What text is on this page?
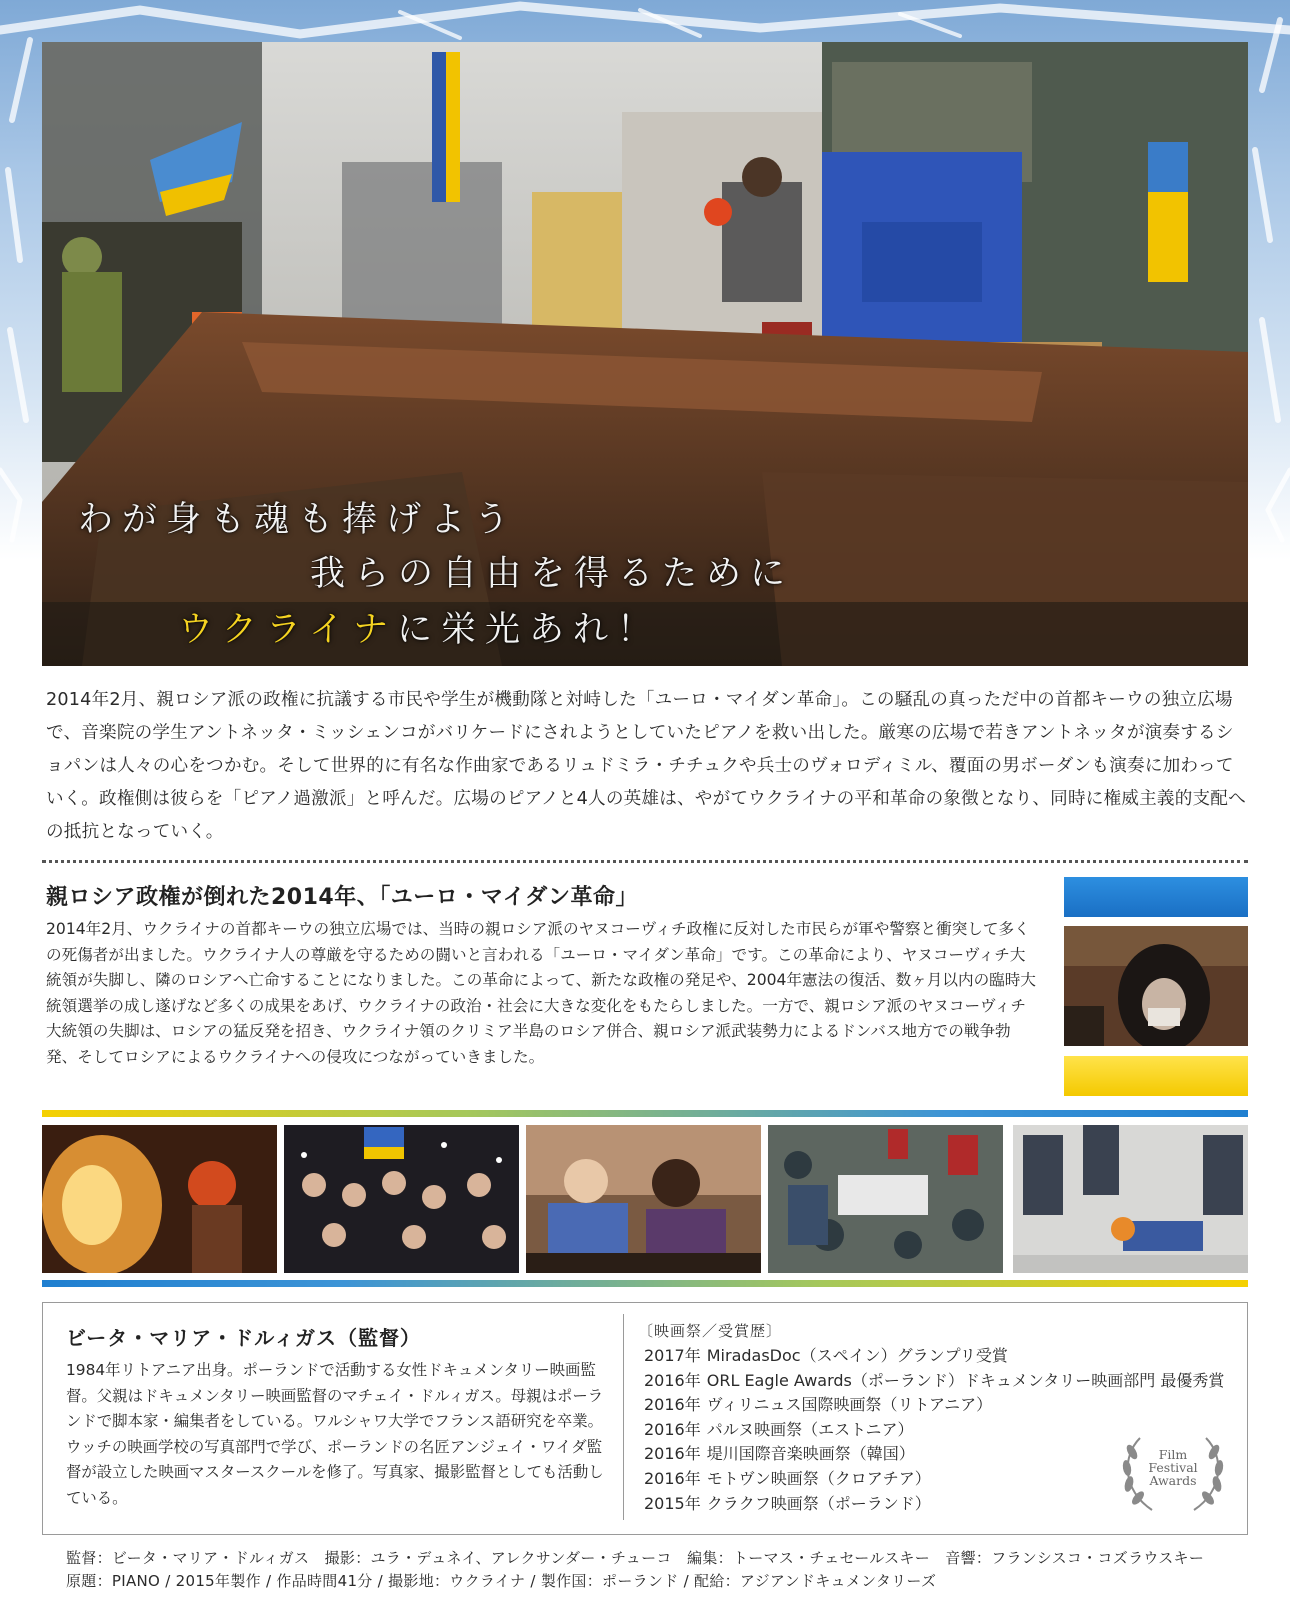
わが身も魂も捧げよう
我らの自由を得るために
ウクライナに栄光あれ！

2014年2月、親ロシア派の政権に抗議する市民や学生が機動隊と対峙した「ユーロ・マイダン革命」。この騒乱の真っただ中の首都キーウの独立広場で、音楽院の学生アントネッタ・ミッシェンコがバリケードにされようとしていたピアノを救い出した。厳寒の広場で若きアントネッタが演奏するショパンは人々の心をつかむ。そして世界的に有名な作曲家であるリュドミラ・チチュクや兵士のヴォロディミル、覆面の男ボーダンも演奏に加わっていく。政権側は彼らを「ピアノ過激派」と呼んだ。広場のピアノと4人の英雄は、やがてウクライナの平和革命の象徴となり、同時に権威主義的支配への抵抗となっていく。

親ロシア政権が倒れた2014年、「ユーロ・マイダン革命」

2014年2月、ウクライナの首都キーウの独立広場では、当時の親ロシア派のヤヌコーヴィチ政権に反対した市民らが軍や警察と衝突して多くの死傷者が出ました。ウクライナ人の尊厳を守るための闘いと言われる「ユーロ・マイダン革命」です。この革命により、ヤヌコーヴィチ大統領が失脚し、隣のロシアへ亡命することになりました。この革命によって、新たな政権の発足や、2004年憲法の復活、数ヶ月以内の臨時大統領選挙の成し遂げなど多くの成果をあげ、ウクライナの政治・社会に大きな変化をもたらしました。一方で、親ロシア派のヤヌコーヴィチ大統領の失脚は、ロシアの猛反発を招き、ウクライナ領のクリミア半島のロシア併合、親ロシア派武装勢力によるドンバス地方での戦争勃発、そしてロシアによるウクライナへの侵攻につながっていきました。

ビータ・マリア・ドルィガス（監督）

1984年リトアニア出身。ポーランドで活動する女性ドキュメンタリー映画監督。父親はドキュメンタリー映画監督のマチェイ・ドルィガス。母親はポーランドで脚本家・編集者をしている。ワルシャワ大学でフランス語研究を卒業。ウッチの映画学校の写真部門で学び、ポーランドの名匠アンジェイ・ワイダ監督が設立した映画マスタースクールを修了。写真家、撮影監督としても活動している。

〔映画祭／受賞歴〕
2017年 MiradasDoc（スペイン）グランプリ受賞
2016年 ORL Eagle Awards（ポーランド）ドキュメンタリー映画部門 最優秀賞
2016年 ヴィリニュス国際映画祭（リトアニア）
2016年 パルヌ映画祭（エストニア）
2016年 堤川国際音楽映画祭（韓国）
2016年 モトヴン映画祭（クロアチア）
2015年 クラクフ映画祭（ポーランド）
Film
Festival
Awards
監督：ビータ・マリア・ドルィガス　撮影：ユラ・デュネイ、アレクサンダー・チューコ　編集：トーマス・チェセールスキー　音響：フランシスコ・コズラウスキー
原題：PIANO / 2015年製作 / 作品時間41分 / 撮影地：ウクライナ / 製作国：ポーランド / 配給：アジアンドキュメンタリーズ
